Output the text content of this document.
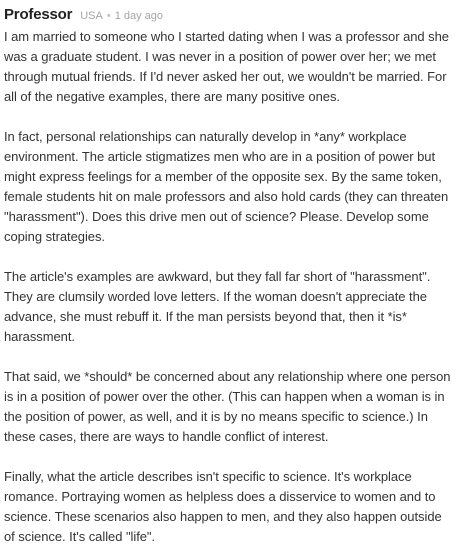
Professor USA • 1 day ago

I am married to someone who I started dating when I was a professor and she was a graduate student. I was never in a position of power over her; we met through mutual friends. If I'd never asked her out, we wouldn't be married. For all of the negative examples, there are many positive ones.

In fact, personal relationships can naturally develop in *any* workplace environment. The article stigmatizes men who are in a position of power but might express feelings for a member of the opposite sex. By the same token, female students hit on male professors and also hold cards (they can threaten "harassment"). Does this drive men out of science? Please. Develop some coping strategies.

The article's examples are awkward, but they fall far short of "harassment". They are clumsily worded love letters. If the woman doesn't appreciate the advance, she must rebuff it. If the man persists beyond that, then it *is* harassment.

That said, we *should* be concerned about any relationship where one person is in a position of power over the other. (This can happen when a woman is in the position of power, as well, and it is by no means specific to science.) In these cases, there are ways to handle conflict of interest.

Finally, what the article describes isn't specific to science. It's workplace romance. Portraying women as helpless does a disservice to women and to science. These scenarios also happen to men, and they also happen outside of science. It's called "life".
